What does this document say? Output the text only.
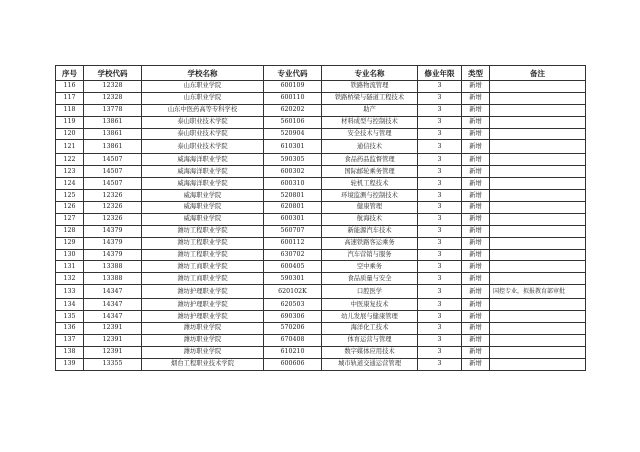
序号	学校代码	学校名称	专业代码	专业名称	修业年限	类型	备注
116	12328	山东职业学院	600109	铁路物流管理	3	新增	
117	12328	山东职业学院	600110	铁路桥梁与隧道工程技术	3	新增	
118	13778	山东中医药高等专科学校	620202	助产	3	新增	
119	13861	泰山职业技术学院	560106	材料成型与控制技术	3	新增	
120	13861	泰山职业技术学院	520904	安全技术与管理	3	新增	
121	13861	泰山职业技术学院	610301	通信技术	3	新增	
122	14507	威海海洋职业学院	590305	食品药品监督管理	3	新增	
123	14507	威海海洋职业学院	600302	国际邮轮乘务管理	3	新增	
124	14507	威海海洋职业学院	600310	轮机工程技术	3	新增	
125	12326	威海职业学院	520801	环境监测与控制技术	3	新增	
126	12326	威海职业学院	620801	健康管理	3	新增	
127	12326	威海职业学院	600301	航海技术	3	新增	
128	14379	潍坊工程职业学院	560707	新能源汽车技术	3	新增	
129	14379	潍坊工程职业学院	600112	高速铁路客运乘务	3	新增	
130	14379	潍坊工程职业学院	630702	汽车营销与服务	3	新增	
131	13388	潍坊工商职业学院	600405	空中乘务	3	新增	
132	13388	潍坊工商职业学院	590301	食品质量与安全	3	新增	
133	14347	潍坊护理职业学院	620102K	口腔医学	3	新增	国控专业，拟报教育部审批
134	14347	潍坊护理职业学院	620503	中医康复技术	3	新增	
135	14347	潍坊护理职业学院	690306	幼儿发展与健康管理	3	新增	
136	12391	潍坊职业学院	570206	海洋化工技术	3	新增	
137	12391	潍坊职业学院	670408	体育运营与管理	3	新增	
138	12391	潍坊职业学院	610210	数字媒体应用技术	3	新增	
139	13355	烟台工程职业技术学院	600606	城市轨道交通运营管理	3	新增	
